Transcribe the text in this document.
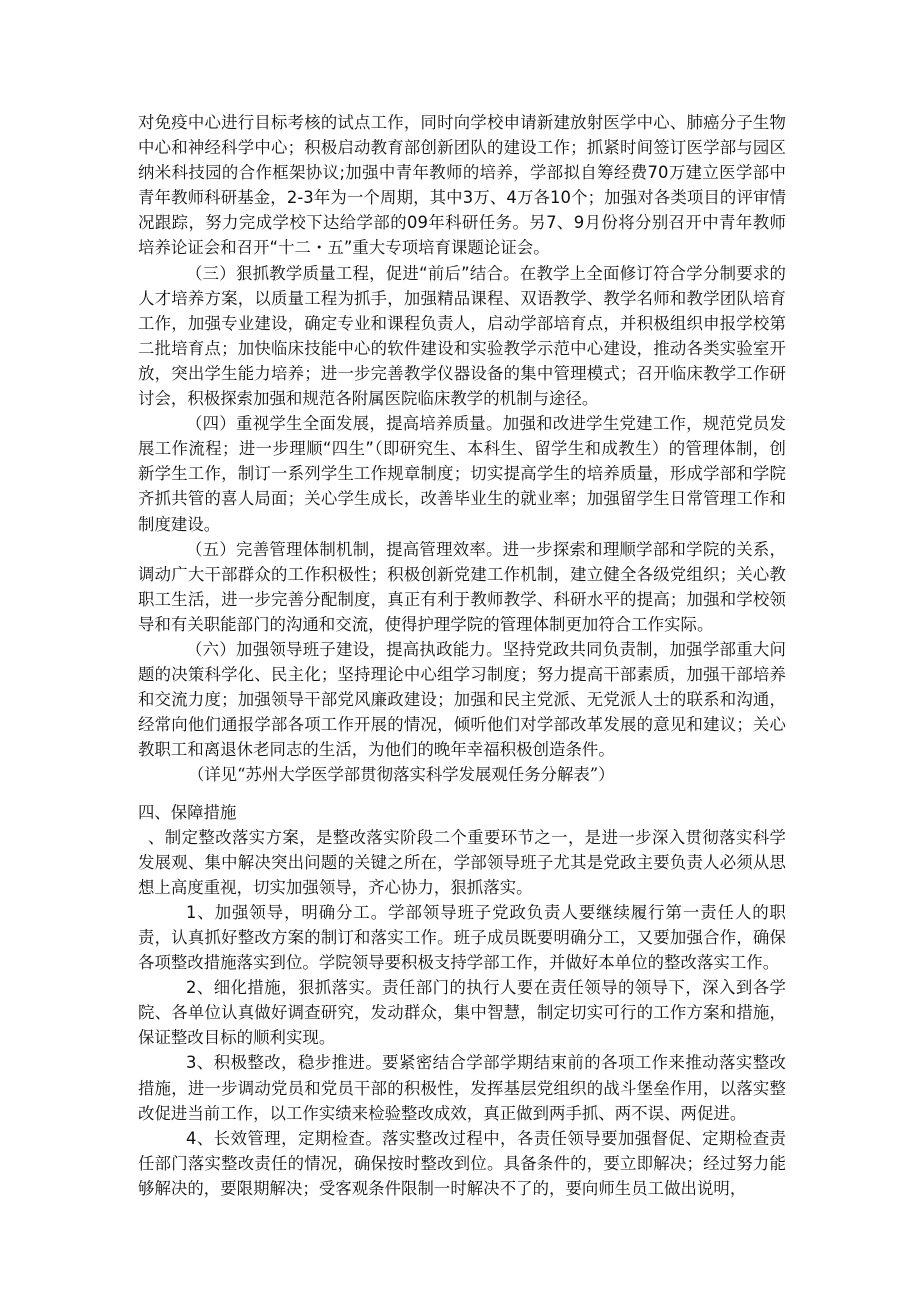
对免疫中心进行目标考核的试点工作，同时向学校申请新建放射医学中心、肺癌分子生物中心和神经科学中心；积极启动教育部创新团队的建设工作；抓紧时间签订医学部与园区纳米科技园的合作框架协议;加强中青年教师的培养，学部拟自筹经费70万建立医学部中青年教师科研基金，2-3年为一个周期，其中3万、4万各10个；加强对各类项目的评审情况跟踪，努力完成学校下达给学部的09年科研任务。另7、9月份将分别召开中青年教师培养论证会和召开“十二・五”重大专项培育课题论证会。

（三）狠抓教学质量工程，促进“前后”结合。在教学上全面修订符合学分制要求的人才培养方案，以质量工程为抓手，加强精品课程、双语教学、教学名师和教学团队培育工作，加强专业建设，确定专业和课程负责人，启动学部培育点，并积极组织申报学校第二批培育点；加快临床技能中心的软件建设和实验教学示范中心建设，推动各类实验室开放，突出学生能力培养；进一步完善教学仪器设备的集中管理模式；召开临床教学工作研讨会，积极探索加强和规范各附属医院临床教学的机制与途径。

（四）重视学生全面发展，提高培养质量。加强和改进学生党建工作，规范党员发展工作流程；进一步理顺“四生”（即研究生、本科生、留学生和成教生）的管理体制，创新学生工作，制订一系列学生工作规章制度；切实提高学生的培养质量，形成学部和学院齐抓共管的喜人局面；关心学生成长，改善毕业生的就业率；加强留学生日常管理工作和制度建设。

（五）完善管理体制机制，提高管理效率。进一步探索和理顺学部和学院的关系，调动广大干部群众的工作积极性；积极创新党建工作机制，建立健全各级党组织；关心教职工生活，进一步完善分配制度，真正有利于教师教学、科研水平的提高；加强和学校领导和有关职能部门的沟通和交流，使得护理学院的管理体制更加符合工作实际。

（六）加强领导班子建设，提高执政能力。坚持党政共同负责制，加强学部重大问题的决策科学化、民主化；坚持理论中心组学习制度；努力提高干部素质，加强干部培养和交流力度；加强领导干部党风廉政建设；加强和民主党派、无党派人士的联系和沟通，经常向他们通报学部各项工作开展的情况，倾听他们对学部改革发展的意见和建议；关心教职工和离退休老同志的生活，为他们的晚年幸福积极创造条件。

（详见“苏州大学医学部贯彻落实科学发展观任务分解表”）

四、保障措施

、制定整改落实方案，是整改落实阶段二个重要环节之一，是进一步深入贯彻落实科学发展观、集中解决突出问题的关键之所在，学部领导班子尤其是党政主要负责人必须从思想上高度重视，切实加强领导，齐心协力，狠抓落实。

1、加强领导，明确分工。学部领导班子党政负责人要继续履行第一责任人的职责，认真抓好整改方案的制订和落实工作。班子成员既要明确分工，又要加强合作，确保各项整改措施落实到位。学院领导要积极支持学部工作，并做好本单位的整改落实工作。

2、细化措施，狠抓落实。责任部门的执行人要在责任领导的领导下，深入到各学院、各单位认真做好调查研究，发动群众，集中智慧，制定切实可行的工作方案和措施，保证整改目标的顺利实现。

3、积极整改，稳步推进。要紧密结合学部学期结束前的各项工作来推动落实整改措施，进一步调动党员和党员干部的积极性，发挥基层党组织的战斗堡垒作用，以落实整改促进当前工作，以工作实绩来检验整改成效，真正做到两手抓、两不误、两促进。

4、长效管理，定期检查。落实整改过程中，各责任领导要加强督促、定期检查责任部门落实整改责任的情况，确保按时整改到位。具备条件的，要立即解决；经过努力能够解决的，要限期解决；受客观条件限制一时解决不了的，要向师生员工做出说明，
